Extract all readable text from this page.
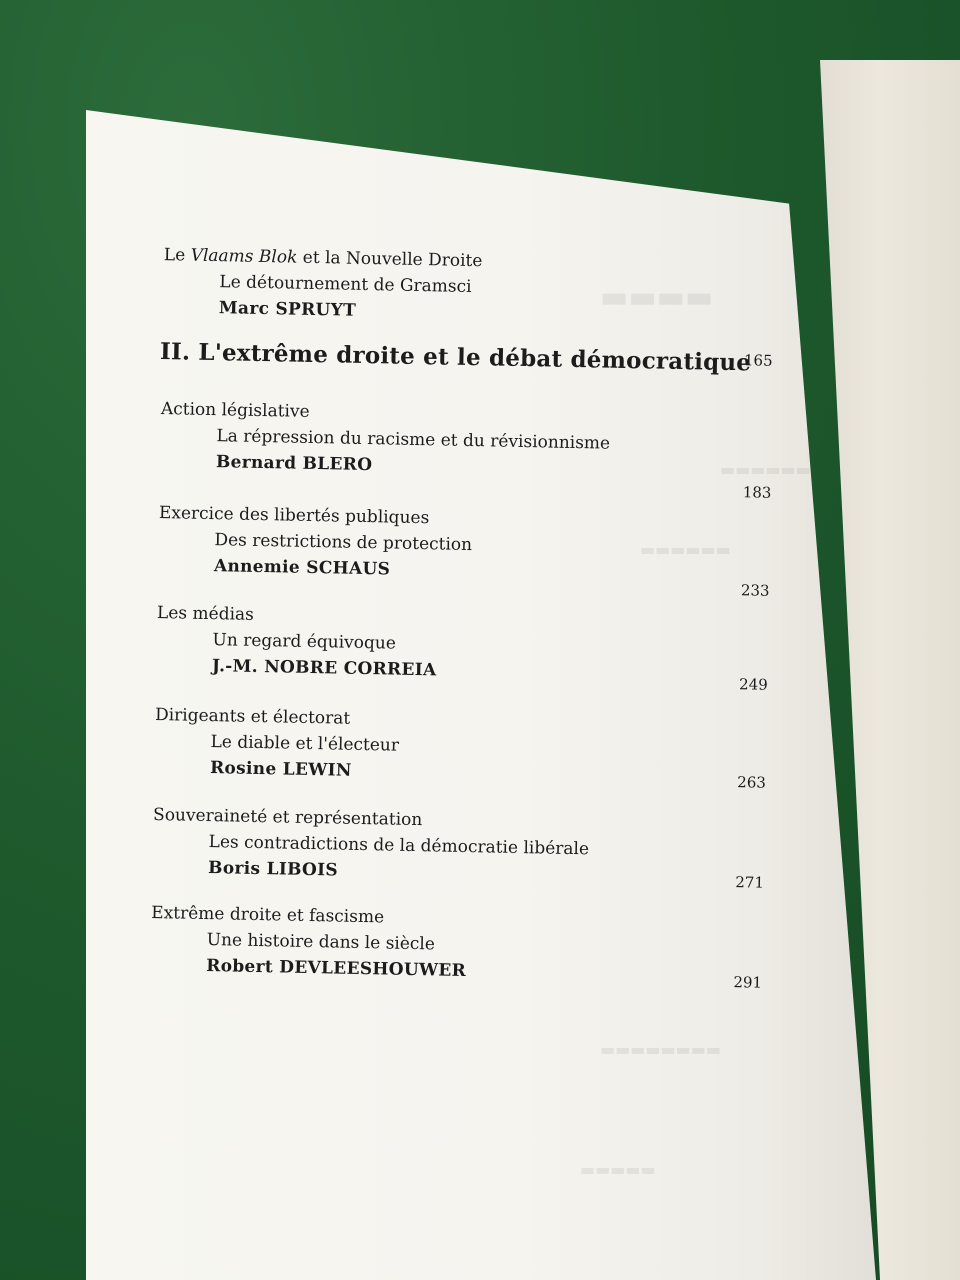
Le Vlaams Blok et la Nouvelle Droite
Le détournement de Gramsci
Marc SPRUYT
II. L'extrême droite et le débat démocratique
165
Action législative
La répression du racisme et du révisionnisme
Bernard BLERO
183
Exercice des libertés publiques
Des restrictions de protection
Annemie SCHAUS
233
Les médias
Un regard équivoque
J.-M. NOBRE CORREIA
249
Dirigeants et électorat
Le diable et l'électeur
Rosine LEWIN
263
Souveraineté et représentation
Les contradictions de la démocratie libérale
Boris LIBOIS
271
Extrême droite et fascisme
Une histoire dans le siècle
Robert DEVLEESHOUWER
291
▬▬▬▬
▬▬▬▬▬▬
▬▬▬▬▬▬
▬▬▬▬▬▬▬▬
▬▬▬▬▬
